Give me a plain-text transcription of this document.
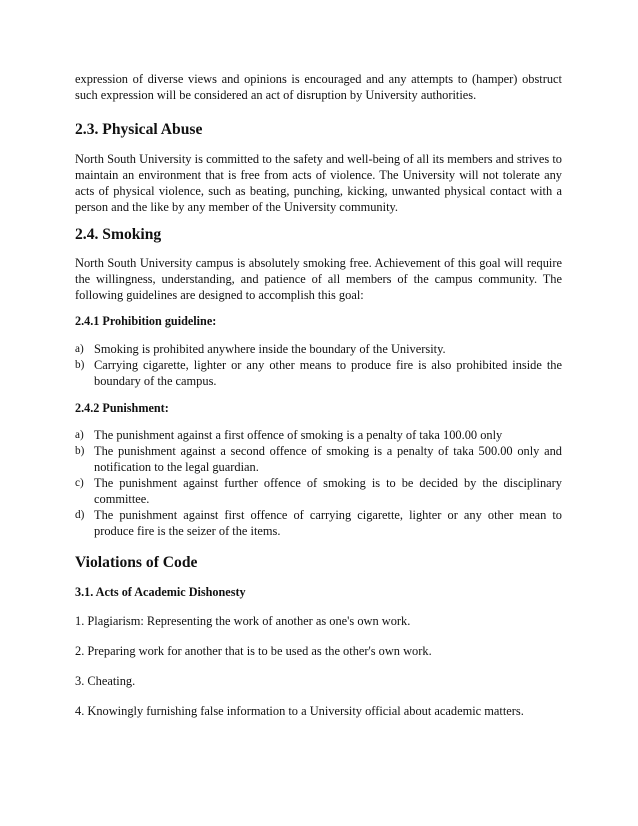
expression of diverse views and opinions is encouraged and any attempts to (hamper) obstruct such expression will be considered an act of disruption by University authorities.

2.3. Physical Abuse

North South University is committed to the safety and well-being of all its members and strives to maintain an environment that is free from acts of violence. The University will not tolerate any acts of physical violence, such as beating, punching, kicking, unwanted physical contact with a person and the like by any member of the University community.

2.4. Smoking

North South University campus is absolutely smoking free. Achievement of this goal will require the willingness, understanding, and patience of all members of the campus community. The following guidelines are designed to accomplish this goal:

2.4.1 Prohibition guideline:
a) Smoking is prohibited anywhere inside the boundary of the University.
b) Carrying cigarette, lighter or any other means to produce fire is also prohibited inside the boundary of the campus.
2.4.2 Punishment:
a) The punishment against a first offence of smoking is a penalty of taka 100.00 only
b) The punishment against a second offence of smoking is a penalty of taka 500.00 only and notification to the legal guardian.
c) The punishment against further offence of smoking is to be decided by the disciplinary committee.
d) The punishment against first offence of carrying cigarette, lighter or any other mean to produce fire is the seizer of the items.
Violations of Code
3.1. Acts of Academic Dishonesty

1. Plagiarism: Representing the work of another as one's own work.

2. Preparing work for another that is to be used as the other's own work.

3. Cheating.

4. Knowingly furnishing false information to a University official about academic matters.
